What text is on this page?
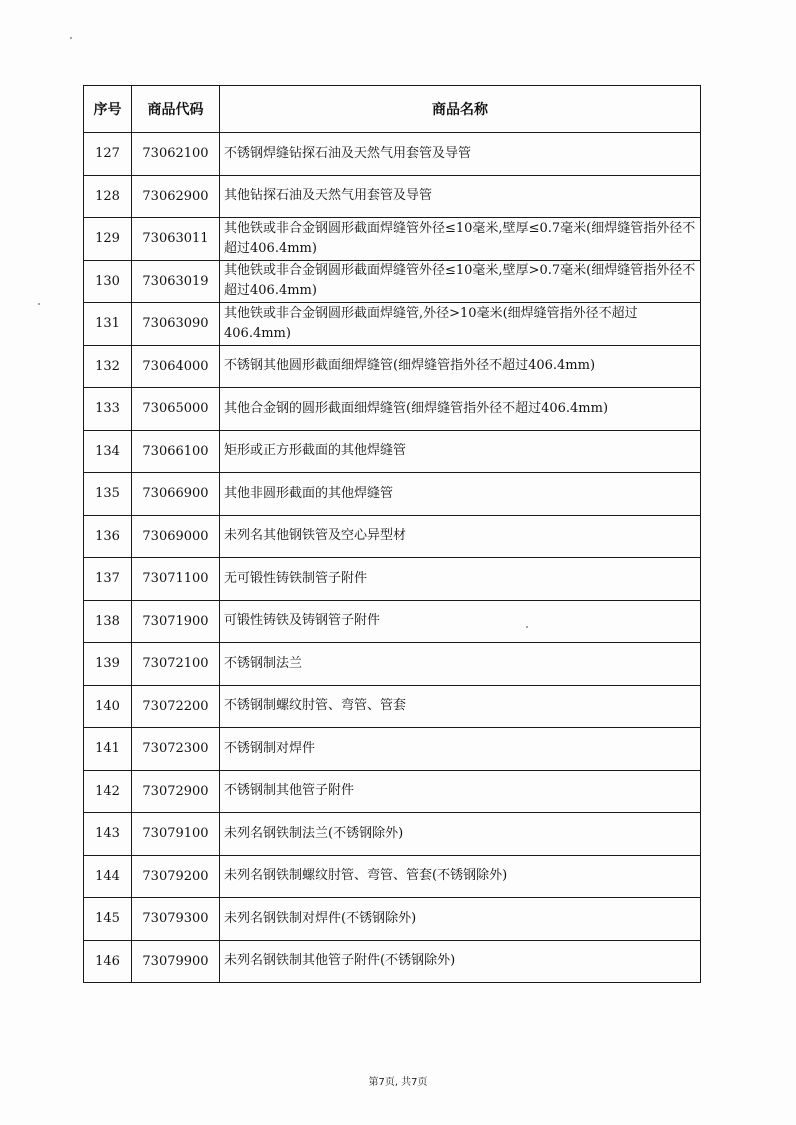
序号	商品代码	商品名称
127	73062100	不锈钢焊缝钻探石油及天然气用套管及导管
128	73062900	其他钻探石油及天然气用套管及导管
129	73063011	其他铁或非合金钢圆形截面焊缝管外径≤10毫米,壁厚≤0.7毫米(细焊缝管指外径不超过406.4mm)
130	73063019	其他铁或非合金钢圆形截面焊缝管外径≤10毫米,壁厚>0.7毫米(细焊缝管指外径不超过406.4mm)
131	73063090	其他铁或非合金钢圆形截面焊缝管,外径>10毫米(细焊缝管指外径不超过406.4mm)
132	73064000	不锈钢其他圆形截面细焊缝管(细焊缝管指外径不超过406.4mm)
133	73065000	其他合金钢的圆形截面细焊缝管(细焊缝管指外径不超过406.4mm)
134	73066100	矩形或正方形截面的其他焊缝管
135	73066900	其他非圆形截面的其他焊缝管
136	73069000	未列名其他钢铁管及空心异型材
137	73071100	无可锻性铸铁制管子附件
138	73071900	可锻性铸铁及铸钢管子附件
139	73072100	不锈钢制法兰
140	73072200	不锈钢制螺纹肘管、弯管、管套
141	73072300	不锈钢制对焊件
142	73072900	不锈钢制其他管子附件
143	73079100	未列名钢铁制法兰(不锈钢除外)
144	73079200	未列名钢铁制螺纹肘管、弯管、管套(不锈钢除外)
145	73079300	未列名钢铁制对焊件(不锈钢除外)
146	73079900	未列名钢铁制其他管子附件(不锈钢除外)
第7页, 共7页
